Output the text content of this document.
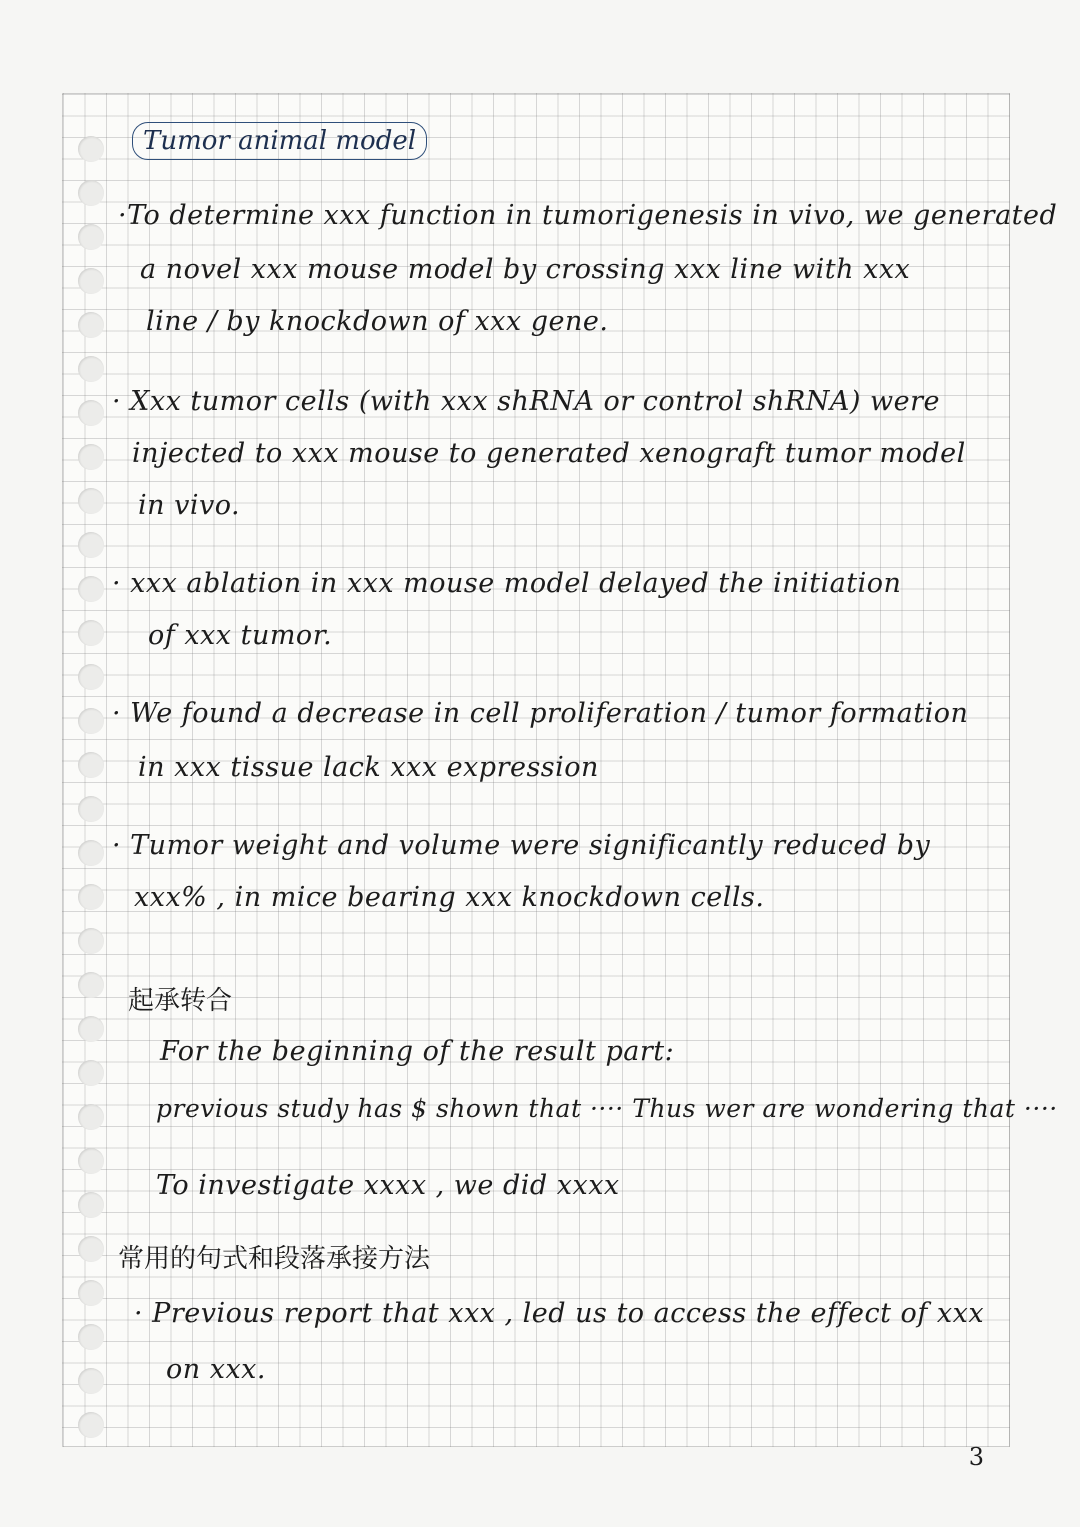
Tumor animal model
·To determine xxx function in tumorigenesis in vivo, we generated
a novel xxx mouse model by crossing xxx line with xxx
line / by knockdown of xxx gene.
· Xxx tumor cells (with xxx shRNA or control shRNA) were
injected to xxx mouse to generated xenograft tumor model
in vivo.
· xxx ablation in xxx mouse model delayed the initiation
of xxx tumor.
· We found a decrease in cell proliferation / tumor formation
in xxx tissue lack xxx expression
· Tumor weight and volume were significantly reduced by
xxx% , in mice bearing xxx knockdown cells.
起承转合
For the beginning of the result part:
previous study has $ shown that ···· Thus wer are wondering that ····
To investigate xxxx , we did xxxx
常用的句式和段落承接方法
· Previous report that xxx , led us to access the effect of xxx
on xxx.
3
